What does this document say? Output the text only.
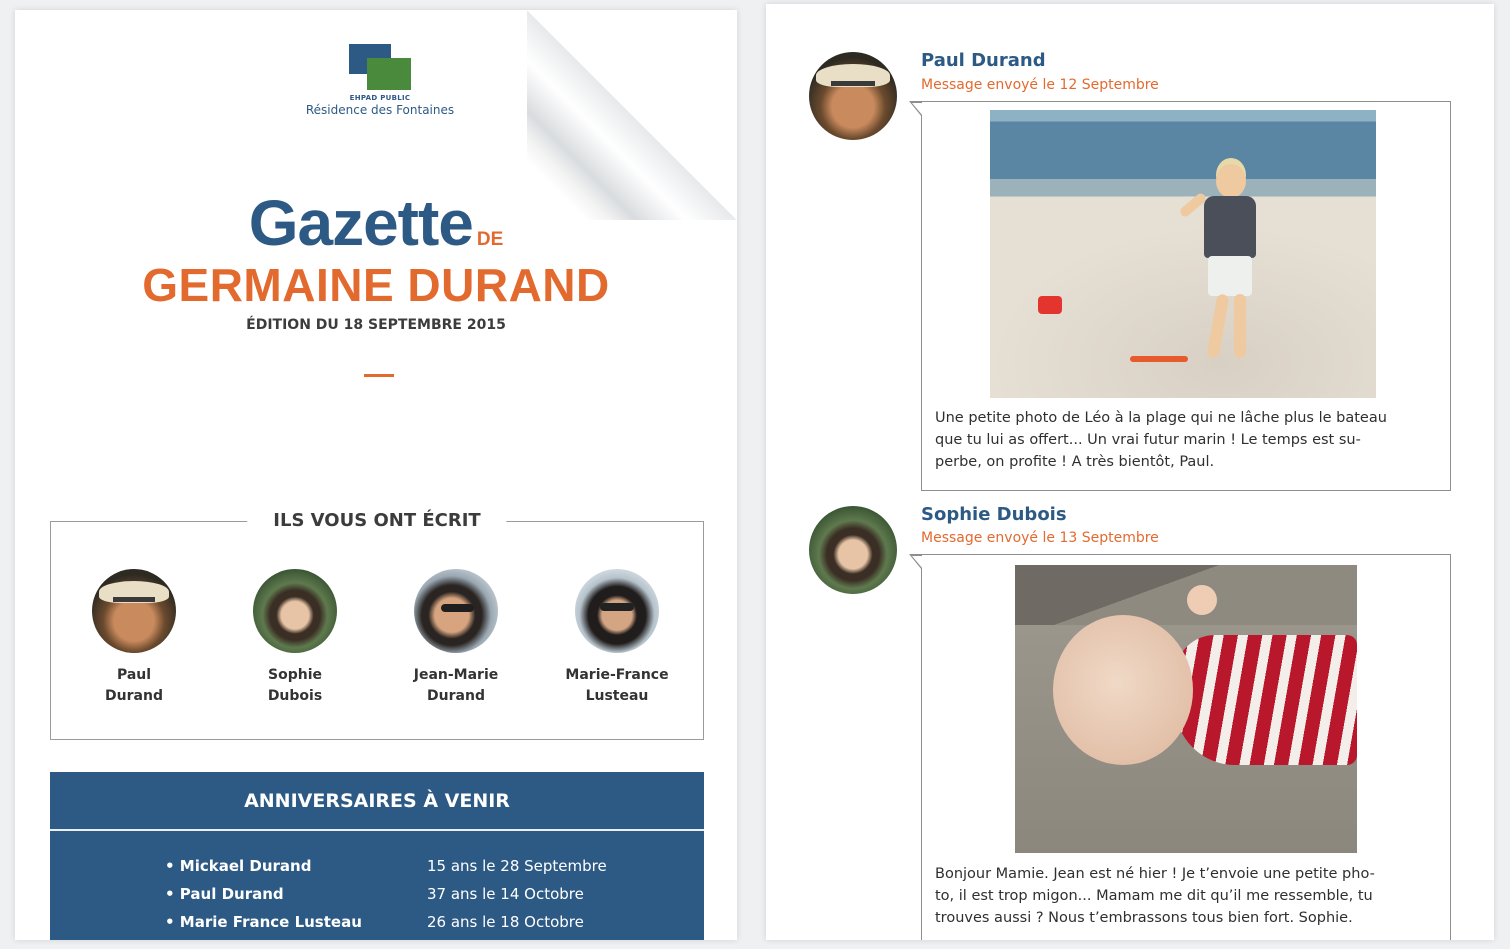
EHPAD PUBLIC
Résidence des Fontaines
Gazette DE
GERMAINE DURAND
ÉDITION DU 18 SEPTEMBRE 2015
ILS VOUS ONT ÉCRIT
Paul
Durand
Sophie
Dubois
Jean-Marie
Durand
Marie-France
Lusteau
ANNIVERSAIRES À VENIR
• Mickael Durand	15 ans le 28 Septembre
• Paul Durand	37 ans le 14 Octobre
• Marie France Lusteau	26 ans le 18 Octobre
Paul Durand
Message envoyé le 12 Septembre
Une petite photo de Léo à la plage qui ne lâche plus le bateau
que tu lui as offert... Un vrai futur marin ! Le temps est su-
perbe, on profite ! A très bientôt, Paul.
Sophie Dubois
Message envoyé le 13 Septembre
Bonjour Mamie. Jean est né hier ! Je t’envoie une petite pho-
to, il est trop migon... Mamam me dit qu’il me ressemble, tu
trouves aussi ? Nous t’embrassons tous bien fort. Sophie.
